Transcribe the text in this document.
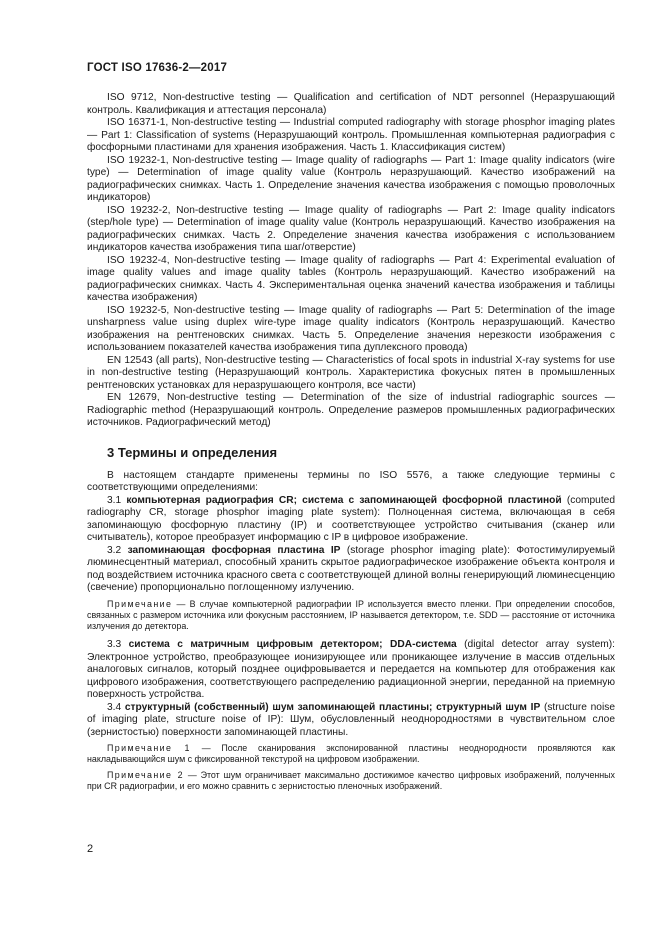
ГОСТ ISO 17636-2—2017

ISO 9712, Non-destructive testing — Qualification and certification of NDT personnel (Неразрушающий контроль. Квалификация и аттестация персонала)

ISO 16371-1, Non-destructive testing — Industrial computed radiography with storage phosphor imaging plates — Part 1: Classification of systems (Неразрушающий контроль. Промышленная компьютерная радиография с фосфорными пластинами для хранения изображения. Часть 1. Классификация систем)

ISO 19232-1, Non-destructive testing — Image quality of radiographs — Part 1: Image quality indicators (wire type) — Determination of image quality value (Контроль неразрушающий. Качество изображений на радиографических снимках. Часть 1. Определение значения качества изображения с помощью проволочных индикаторов)

ISO 19232-2, Non-destructive testing — Image quality of radiographs — Part 2: Image quality indicators (step/hole type) — Determination of image quality value (Контроль неразрушающий. Качество изображения на радиографических снимках. Часть 2. Определение значения качества изображения с использованием индикаторов качества изображения типа шаг/отверстие)

ISO 19232-4, Non-destructive testing — Image quality of radiographs — Part 4: Experimental evaluation of image quality values and image quality tables (Контроль неразрушающий. Качество изображений на радиографических снимках. Часть 4. Экспериментальная оценка значений качества изображения и таблицы качества изображения)

ISO 19232-5, Non-destructive testing — Image quality of radiographs — Part 5: Determination of the image unsharpness value using duplex wire-type image quality indicators (Контроль неразрушающий. Качество изображения на рентгеновских снимках. Часть 5. Определение значения нерезкости изображения с использованием показателей качества изображения типа дуплексного провода)

EN 12543 (all parts), Non-destructive testing — Characteristics of focal spots in industrial X-ray systems for use in non-destructive testing (Неразрушающий контроль. Характеристика фокусных пятен в промышленных рентгеновских установках для неразрушающего контроля, все части)

EN 12679, Non-destructive testing — Determination of the size of industrial radiographic sources — Radiographic method (Неразрушающий контроль. Определение размеров промышленных радиографических источников. Радиографический метод)

3 Термины и определения

В настоящем стандарте применены термины по ISO 5576, а также следующие термины с соответствующими определениями:

3.1 компьютерная радиография CR; система с запоминающей фосфорной пластиной (computed radiography CR, storage phosphor imaging plate system): Полноценная система, включающая в себя запоминающую фосфорную пластину (IP) и соответствующее устройство считывания (сканер или считыватель), которое преобразует информацию с IP в цифровое изображение.

3.2 запоминающая фосфорная пластина IP (storage phosphor imaging plate): Фотостимулируемый люминесцентный материал, способный хранить скрытое радиографическое изображение объекта контроля и под воздействием источника красного света с соответствующей длиной волны генерирующий люминесценцию (свечение) пропорционально поглощенному излучению.

Примечание — В случае компьютерной радиографии IP используется вместо пленки. При определении способов, связанных с размером источника или фокусным расстоянием, IP называется детектором, т.е. SDD — расстояние от источника излучения до детектора.

3.3 система с матричным цифровым детектором; DDA-система (digital detector array system): Электронное устройство, преобразующее ионизирующее или проникающее излучение в массив отдельных аналоговых сигналов, который позднее оцифровывается и передается на компьютер для отображения как цифрового изображения, соответствующего распределению радиационной энергии, переданной на приемную поверхность устройства.

3.4 структурный (собственный) шум запоминающей пластины; структурный шум IP (structure noise of imaging plate, structure noise of IP): Шум, обусловленный неоднородностями в чувствительном слое (зернистостью) поверхности запоминающей пластины.

Примечание 1 — После сканирования экспонированной пластины неоднородности проявляются как накладывающийся шум с фиксированной текстурой на цифровом изображении.

Примечание 2 — Этот шум ограничивает максимально достижимое качество цифровых изображений, полученных при CR радиографии, и его можно сравнить с зернистостью пленочных изображений.

2
